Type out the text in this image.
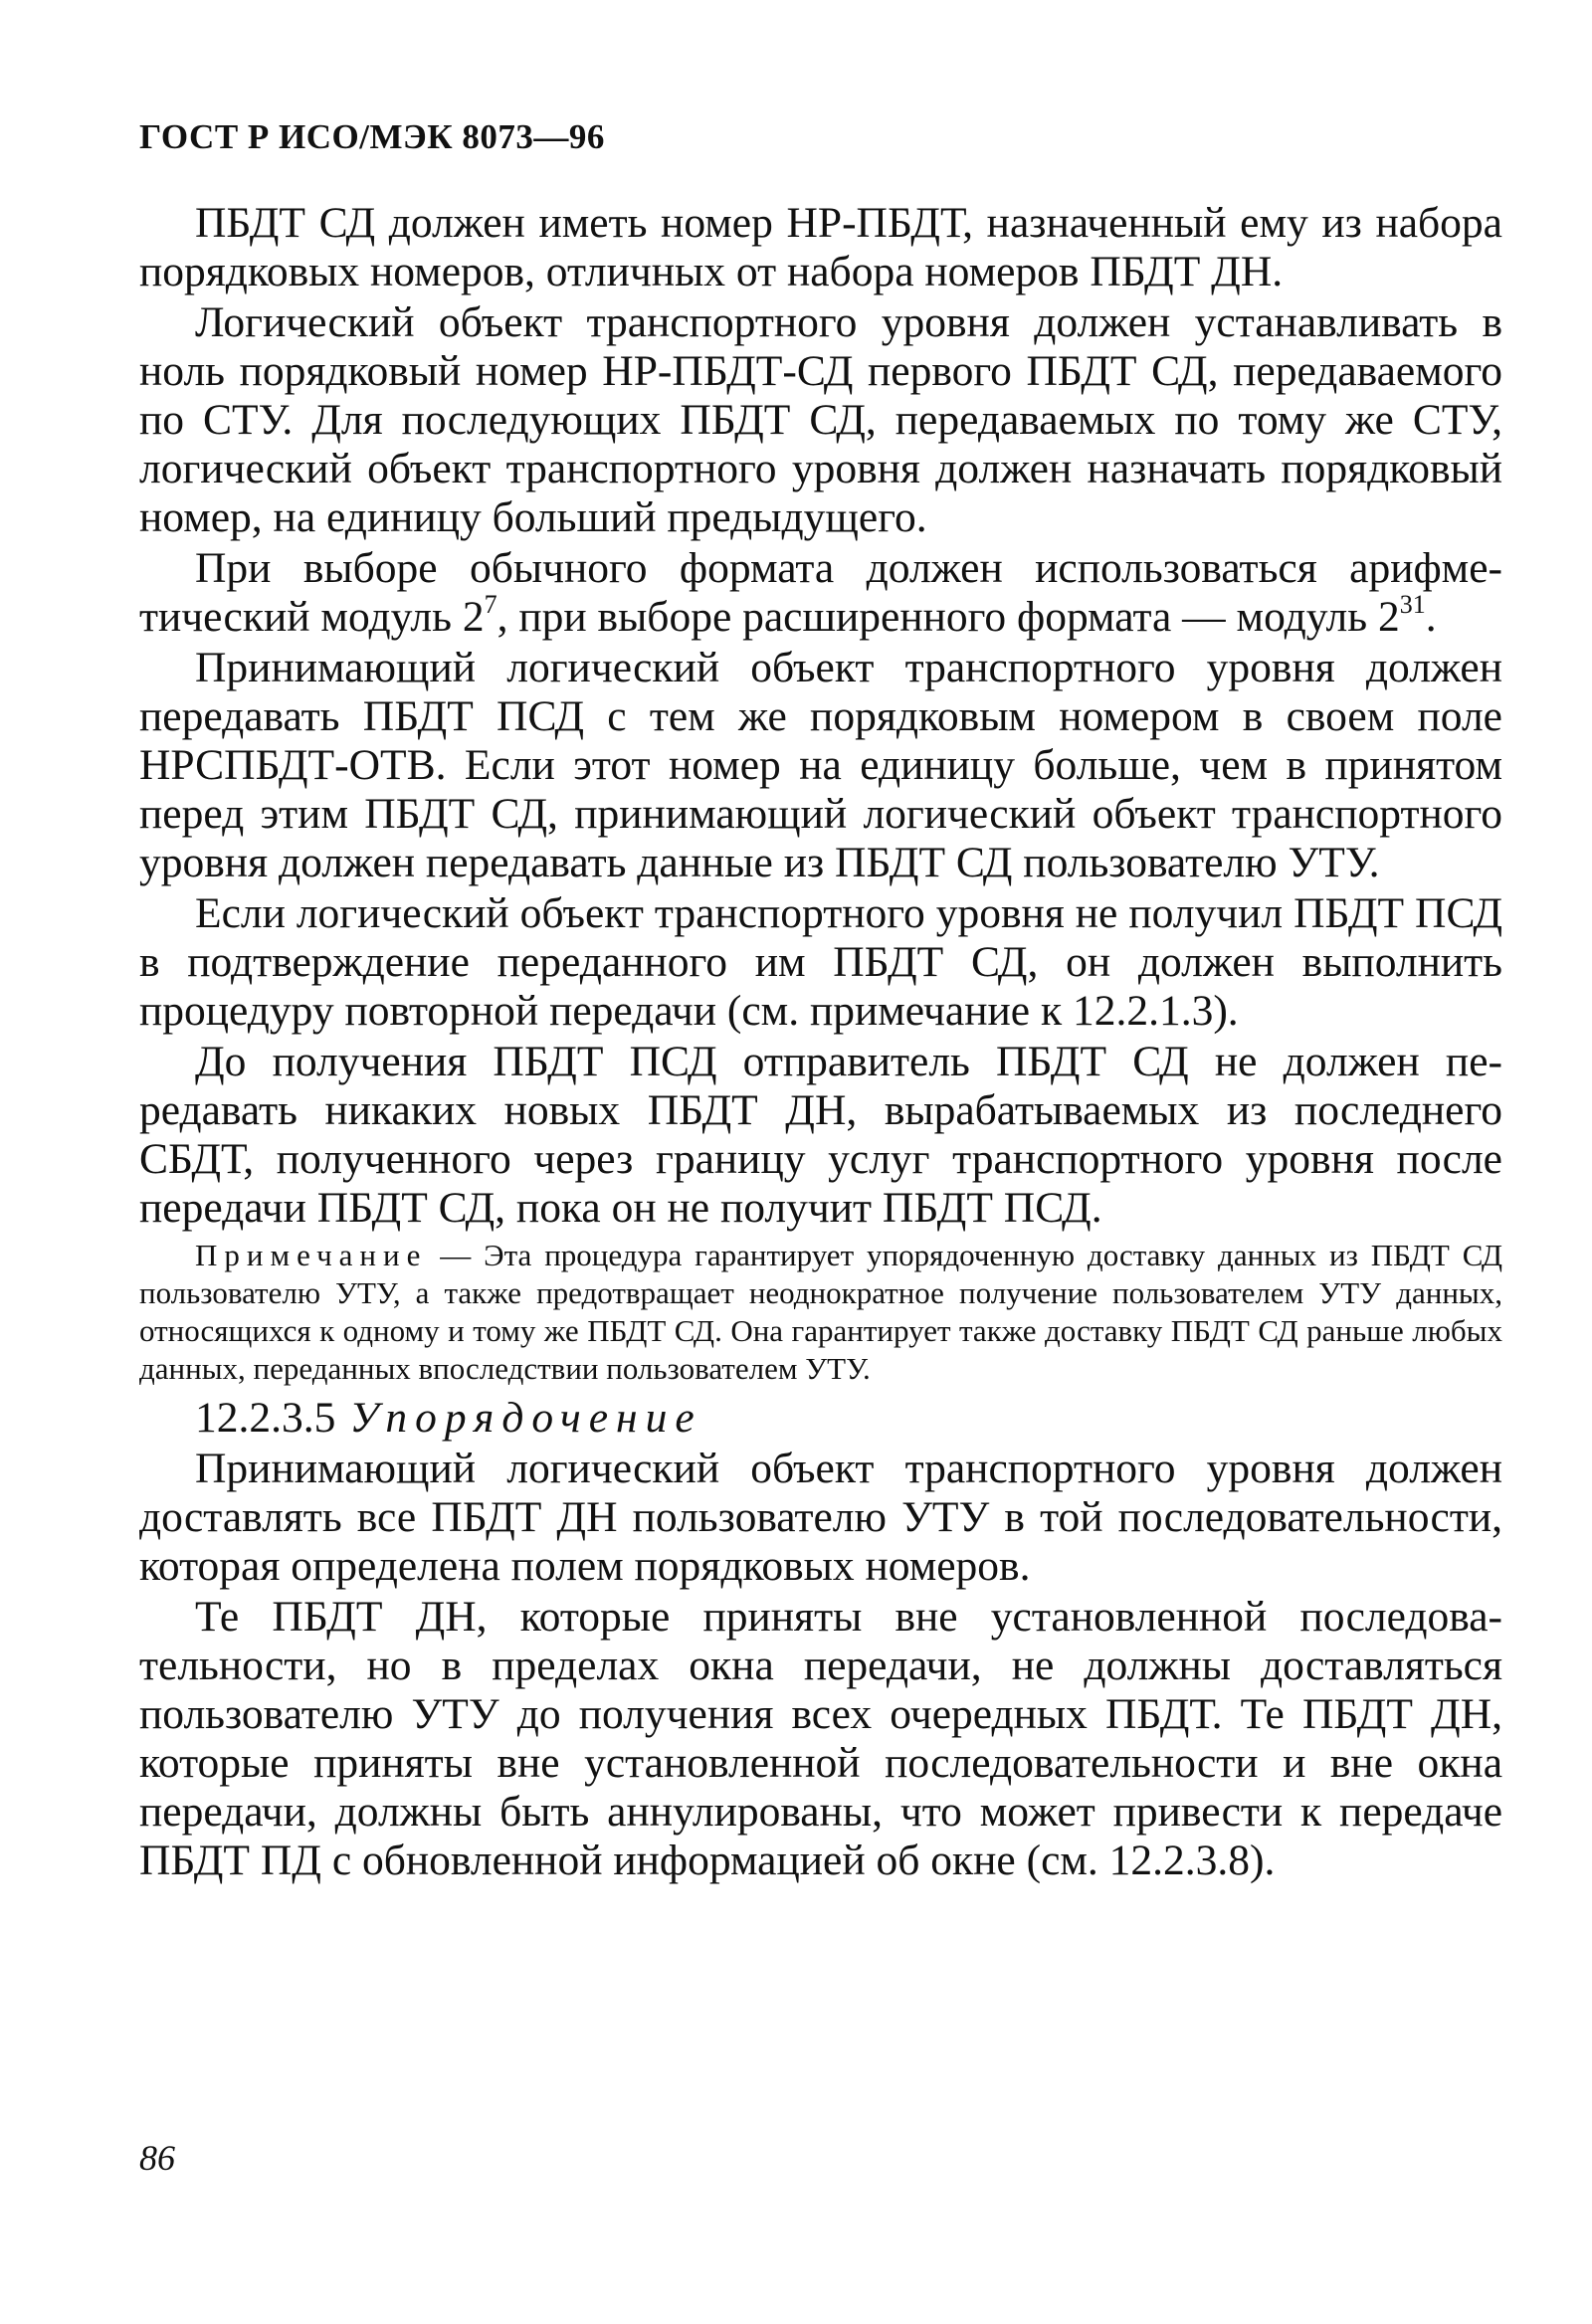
ГОСТ Р ИСО/МЭК 8073—96

ПБДТ СД должен иметь номер НР-ПБДТ, назначенный ему из набора порядковых номеров, отличных от набора номеров ПБДТ ДН.

Логический объект транспортного уровня должен устанавливать в ноль порядковый номер НР-ПБДТ-СД первого ПБДТ СД, передаваемого по СТУ. Для последующих ПБДТ СД, передаваемых по тому же СТУ, логический объект транспортного уровня должен назначать порядковый номер, на единицу больший предыдущего.

При выборе обычного формата должен использоваться арифметический модуль $2^7$, при выборе расширенного формата — модуль $2^{31}$.

Принимающий логический объект транспортного уровня должен передавать ПБДТ ПСД с тем же порядковым номером в своем поле НРСПБДТ-ОТВ. Если этот номер на единицу больше, чем в принятом перед этим ПБДТ СД, принимающий логический объект транспортного уровня должен передавать данные из ПБДТ СД пользователю УТУ.

Если логический объект транспортного уровня не получил ПБДТ ПСД в подтверждение переданного им ПБДТ СД, он должен выполнить процедуру повторной передачи (см. примечание к 12.2.1.3).

До получения ПБДТ ПСД отправитель ПБДТ СД не должен передавать никаких новых ПБДТ ДН, вырабатываемых из последнего СБДТ, полученного через границу услуг транспортного уровня после передачи ПБДТ СД, пока он не получит ПБДТ ПСД.

Примечание — Эта процедура гарантирует упорядоченную доставку данных из ПБДТ СД пользователю УТУ, а также предотвращает неоднократное получение пользователем УТУ данных, относящихся к одному и тому же ПБДТ СД. Она гарантирует также доставку ПБДТ СД раньше любых данных, переданных впоследствии пользователем УТУ.

12.2.3.5 Упорядочение

Принимающий логический объект транспортного уровня должен доставлять все ПБДТ ДН пользователю УТУ в той последовательности, которая определена полем порядковых номеров.

Те ПБДТ ДН, которые приняты вне установленной последовательности, но в пределах окна передачи, не должны доставляться пользователю УТУ до получения всех очередных ПБДТ. Те ПБДТ ДН, которые приняты вне установленной последовательности и вне окна передачи, должны быть аннулированы, что может привести к передаче ПБДТ ПД с обновленной информацией об окне (см. 12.2.3.8).

86
